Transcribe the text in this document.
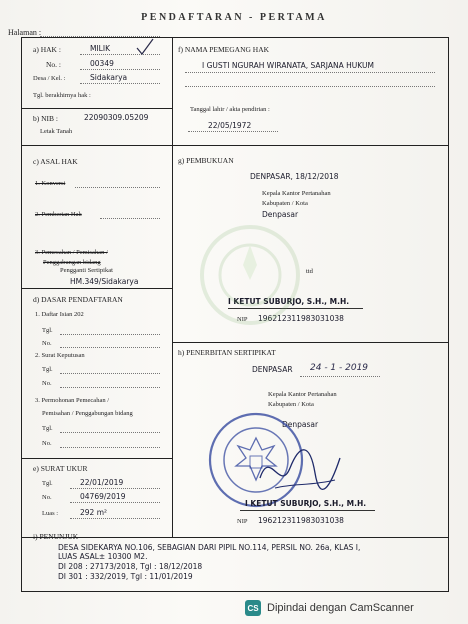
PENDAFTARAN - PERTAMA
Halaman :
a) HAK :	MILIK
No. :	00349
Desa / Kel. :	Sidakarya
Tgl. berakhirnya hak :
b) NIB :	22090309.05209
Letak Tanah
c) ASAL HAK
1. Konversi
2. Pemberian Hak
3. Pemecahan / Pemisahan /
Penggabungan bidang
Pengganti Sertipikat
HM.349/Sidakarya
d) DASAR PENDAFTARAN
1. Daftar Isian 202
Tgl.
No.
2. Surat Keputusan
Tgl.
No.
3. Permohonan Pemecahan /
Pemisahan / Penggabungan bidang
Tgl.
No.
e) SURAT UKUR
Tgl.	22/01/2019
No.	04769/2019
Luas :	292 m²
f) NAMA PEMEGANG HAK
I GUSTI NGURAH WIRANATA, SARJANA HUKUM
Tanggal lahir / akta pendirian :
22/05/1972
g) PEMBUKUAN
DENPASAR, 18/12/2018
Kepala Kantor Pertanahan
Kabupaten / Kota
Denpasar
ttd
I KETUT SUBURJO, S.H., M.H.
NIP 196212311983031038
h) PENERBITAN SERTIPIKAT
DENPASAR 24 - 1 - 2019
Kepala Kantor Pertanahan
Kabupaten / Kota
Denpasar
I KETUT SUBURJO, S.H., M.H.
NIP 196212311983031038
i) PENUNJUK
DESA SIDEKARYA NO.106, SEBAGIAN DARI PIPIL NO.114, PERSIL NO. 26a, KLAS I,
LUAS ASAL± 10300 M2.
DI 208 : 27173/2018, Tgl : 18/12/2018
DI 301 : 332/2019, Tgl : 11/01/2019
CS Dipindai dengan CamScanner
